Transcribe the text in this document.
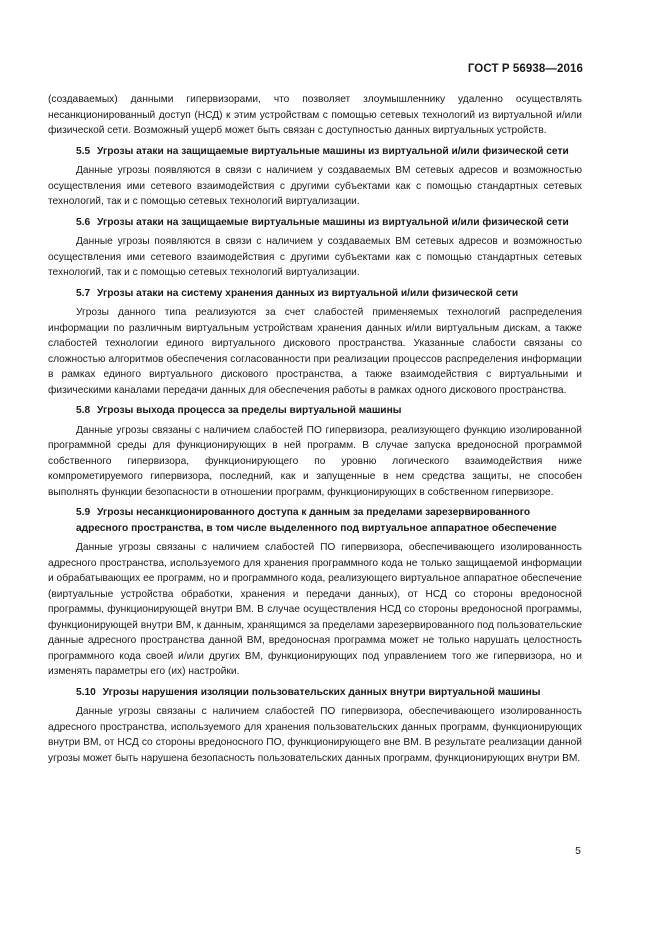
ГОСТ Р 56938—2016

(создаваемых) данными гипервизорами, что позволяет злоумышленнику удаленно осуществлять несанкционированный доступ (НСД) к этим устройствам с помощью сетевых технологий из виртуальной и/или физической сети. Возможный ущерб может быть связан с доступностью данных виртуальных устройств.

5.5 Угрозы атаки на защищаемые виртуальные машины из виртуальной и/или физической сети

Данные угрозы появляются в связи с наличием у создаваемых ВМ сетевых адресов и возможностью осуществления ими сетевого взаимодействия с другими субъектами как с помощью стандартных сетевых технологий, так и с помощью сетевых технологий виртуализации.

5.6 Угрозы атаки на защищаемые виртуальные машины из виртуальной и/или физической сети

Данные угрозы появляются в связи с наличием у создаваемых ВМ сетевых адресов и возможностью осуществления ими сетевого взаимодействия с другими субъектами как с помощью стандартных сетевых технологий, так и с помощью сетевых технологий виртуализации.

5.7 Угрозы атаки на систему хранения данных из виртуальной и/или физической сети

Угрозы данного типа реализуются за счет слабостей применяемых технологий распределения информации по различным виртуальным устройствам хранения данных и/или виртуальным дискам, а также слабостей технологии единого виртуального дискового пространства. Указанные слабости связаны со сложностью алгоритмов обеспечения согласованности при реализации процессов распределения информации в рамках единого виртуального дискового пространства, а также взаимодействия с виртуальными и физическими каналами передачи данных для обеспечения работы в рамках одного дискового пространства.

5.8 Угрозы выхода процесса за пределы виртуальной машины

Данные угрозы связаны с наличием слабостей ПО гипервизора, реализующего функцию изолированной программной среды для функционирующих в ней программ. В случае запуска вредоносной программой собственного гипервизора, функционирующего по уровню логического взаимодействия ниже компрометируемого гипервизора, последний, как и запущенные в нем средства защиты, не способен выполнять функции безопасности в отношении программ, функционирующих в собственном гипервизоре.

5.9 Угрозы несанкционированного доступа к данным за пределами зарезервированного адресного пространства, в том числе выделенного под виртуальное аппаратное обеспечение

Данные угрозы связаны с наличием слабостей ПО гипервизора, обеспечивающего изолированность адресного пространства, используемого для хранения программного кода не только защищаемой информации и обрабатывающих ее программ, но и программного кода, реализующего виртуальное аппаратное обеспечение (виртуальные устройства обработки, хранения и передачи данных), от НСД со стороны вредоносной программы, функционирующей внутри ВМ. В случае осуществления НСД со стороны вредоносной программы, функционирующей внутри ВМ, к данным, хранящимся за пределами зарезервированного под пользовательские данные адресного пространства данной ВМ, вредоносная программа может не только нарушать целостность программного кода своей и/или других ВМ, функционирующих под управлением того же гипервизора, но и изменять параметры его (их) настройки.

5.10 Угрозы нарушения изоляции пользовательских данных внутри виртуальной машины

Данные угрозы связаны с наличием слабостей ПО гипервизора, обеспечивающего изолированность адресного пространства, используемого для хранения пользовательских данных программ, функционирующих внутри ВМ, от НСД со стороны вредоносного ПО, функционирующего вне ВМ. В результате реализации данной угрозы может быть нарушена безопасность пользовательских данных программ, функционирующих внутри ВМ.

5
